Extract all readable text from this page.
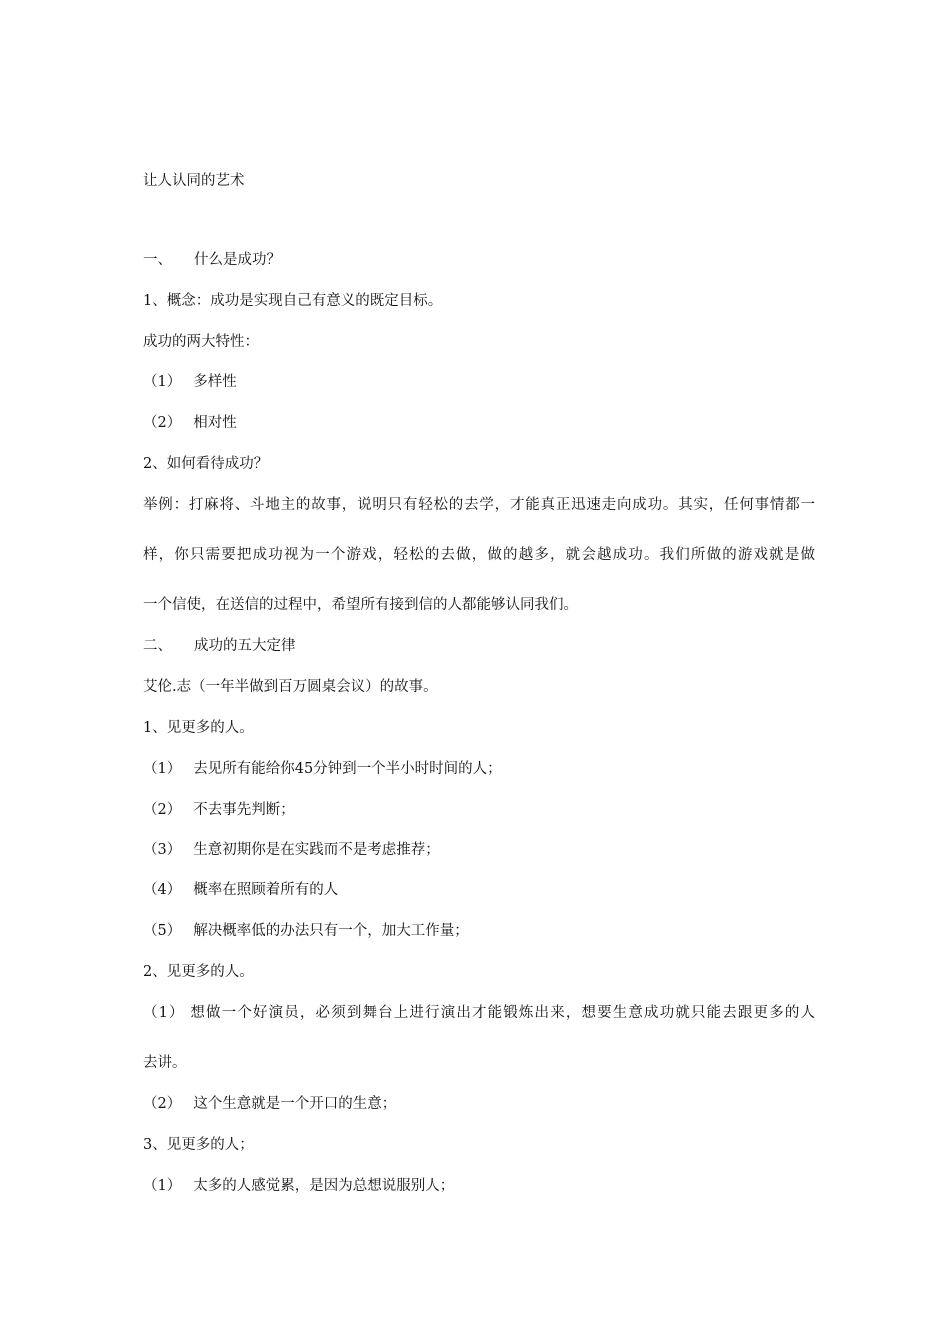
让人认同的艺术
一、 什么是成功？
1、概念：成功是实现自己有意义的既定目标。
成功的两大特性：
（1） 多样性
（2） 相对性
2、如何看待成功？
举例：打麻将、斗地主的故事，说明只有轻松的去学，才能真正迅速走向成功。其实，任何事情都一
样，你只需要把成功视为一个游戏，轻松的去做，做的越多，就会越成功。我们所做的游戏就是做
一个信使，在送信的过程中，希望所有接到信的人都能够认同我们。
二、 成功的五大定律
艾伦.志（一年半做到百万圆桌会议）的故事。
1、见更多的人。
（1） 去见所有能给你45分钟到一个半小时时间的人；
（2） 不去事先判断；
（3） 生意初期你是在实践而不是考虑推荐；
（4） 概率在照顾着所有的人
（5） 解决概率低的办法只有一个，加大工作量；
2、见更多的人。
（1） 想做一个好演员，必须到舞台上进行演出才能锻炼出来，想要生意成功就只能去跟更多的人
去讲。
（2） 这个生意就是一个开口的生意；
3、见更多的人；
（1） 太多的人感觉累，是因为总想说服别人；
